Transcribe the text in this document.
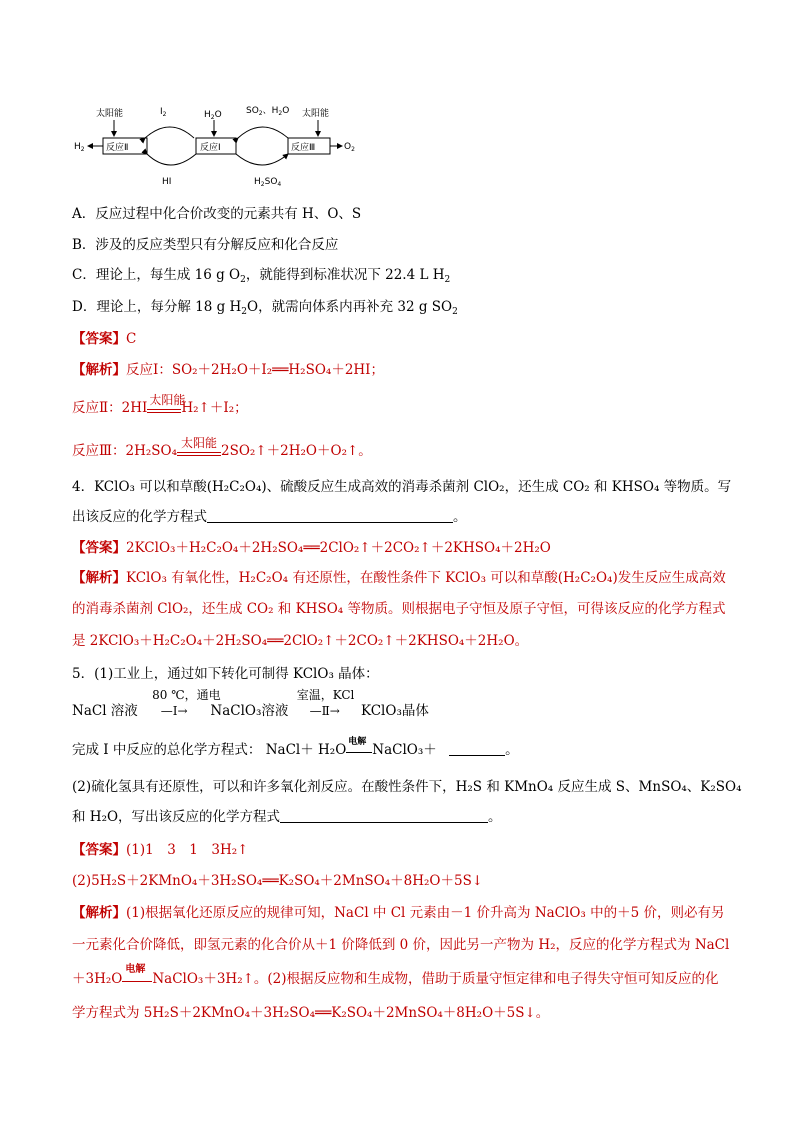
反应Ⅱ	反应Ⅰ	反应Ⅲ
$H_2$	$O_2$
太阳能	太阳能
$H_2O$
$I_2$
HI
$SO_2$、$H_2O$
$H_2SO_4$
A．反应过程中化合价改变的元素共有 H、O、S
B．涉及的反应类型只有分解反应和化合反应
C．理论上，每生成 16 g $O_2$，就能得到标准状况下 22.4 L $H_2$
D．理论上，每分解 18 g $H_2O$，就需向体系内再补充 32 g $SO_2$
【答案】C
【解析】反应Ⅰ：SO₂＋2H₂O＋I₂══H₂SO₄＋2HI；
反应Ⅱ：2HI 太阳能
H₂↑＋I₂；
反应Ⅲ：2H₂SO₄ 太阳能 2SO₂↑＋2H₂O＋O₂↑。
4．KClO₃ 可以和草酸(H₂C₂O₄)、硫酸反应生成高效的消毒杀菌剂 ClO₂，还生成 CO₂ 和 KHSO₄ 等物质。写
出该反应的化学方程式	。
【答案】2KClO₃＋H₂C₂O₄＋2H₂SO₄══2ClO₂↑＋2CO₂↑＋2KHSO₄＋2H₂O
【解析】KClO₃ 有氧化性，H₂C₂O₄ 有还原性，在酸性条件下 KClO₃ 可以和草酸(H₂C₂O₄)发生反应生成高效
的消毒杀菌剂 ClO₂，还生成 CO₂ 和 KHSO₄ 等物质。则根据电子守恒及原子守恒，可得该反应的化学方程式
是 2KClO₃＋H₂C₂O₄＋2H₂SO₄══2ClO₂↑＋2CO₂↑＋2KHSO₄＋2H₂O。
5．(1)工业上，通过如下转化可制得 KClO₃ 晶体：
NaCl 溶液
80 ℃，通电
—Ⅰ→	NaClO₃溶液
室温，KCl
—Ⅱ→	KClO₃晶体
完成 I 中反应的总化学方程式： NaCl＋ H₂O 电解 NaClO₃＋	。
(2)硫化氢具有还原性，可以和许多氧化剂反应。在酸性条件下，H₂S 和 KMnO₄ 反应生成 S、MnSO₄、K₂SO₄
和 H₂O，写出该反应的化学方程式	。
【答案】(1)1　3　1　3H₂↑
(2)5H₂S＋2KMnO₄＋3H₂SO₄══K₂SO₄＋2MnSO₄＋8H₂O＋5S↓
【解析】(1)根据氧化还原反应的规律可知，NaCl 中 Cl 元素由－1 价升高为 NaClO₃ 中的＋5 价，则必有另
一元素化合价降低，即氢元素的化合价从＋1 价降低到 0 价，因此另一产物为 H₂，反应的化学方程式为 NaCl
＋3H₂O
电解
NaClO₃＋3H₂↑。(2)根据反应物和生成物，借助于质量守恒定律和电子得失守恒可知反应的化
学方程式为 5H₂S＋2KMnO₄＋3H₂SO₄══K₂SO₄＋2MnSO₄＋8H₂O＋5S↓。
